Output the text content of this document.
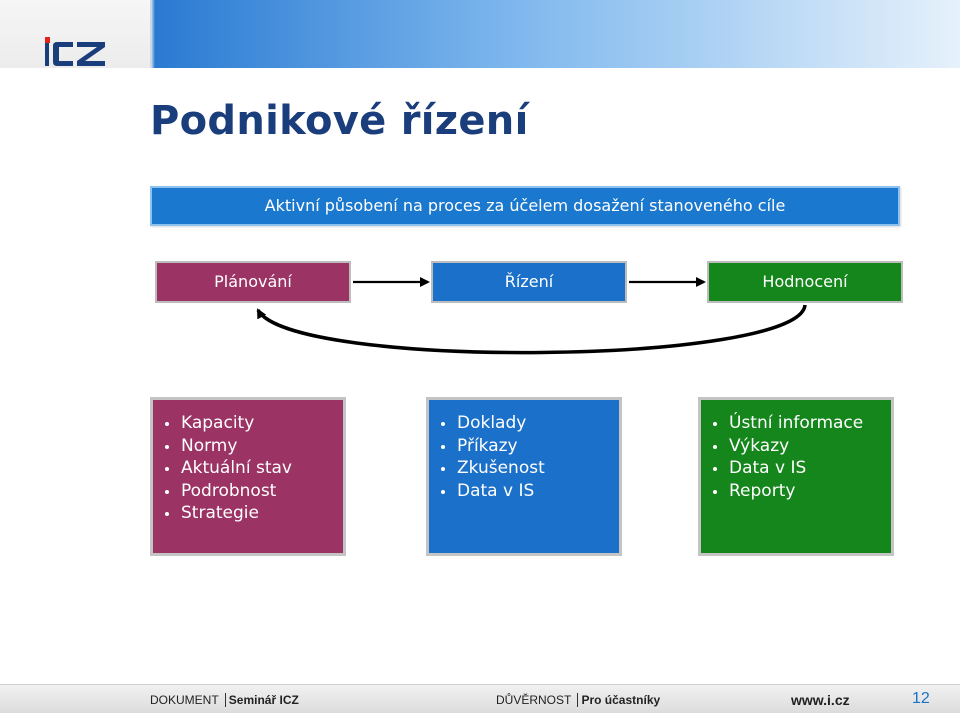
Podnikové řízení
Aktivní působení na proces za účelem dosažení stanoveného cíle
Plánování	Řízení	Hodnocení
Kapacity
Normy
Aktuální stav
Podrobnost
Strategie
Doklady
Příkazy
Zkušenost
Data v IS
Ústní informace
Výkazy
Data v IS
Reporty
DOKUMENT Seminář ICZ	DŮVĚRNOST Pro účastníky	www.i.cz	12
